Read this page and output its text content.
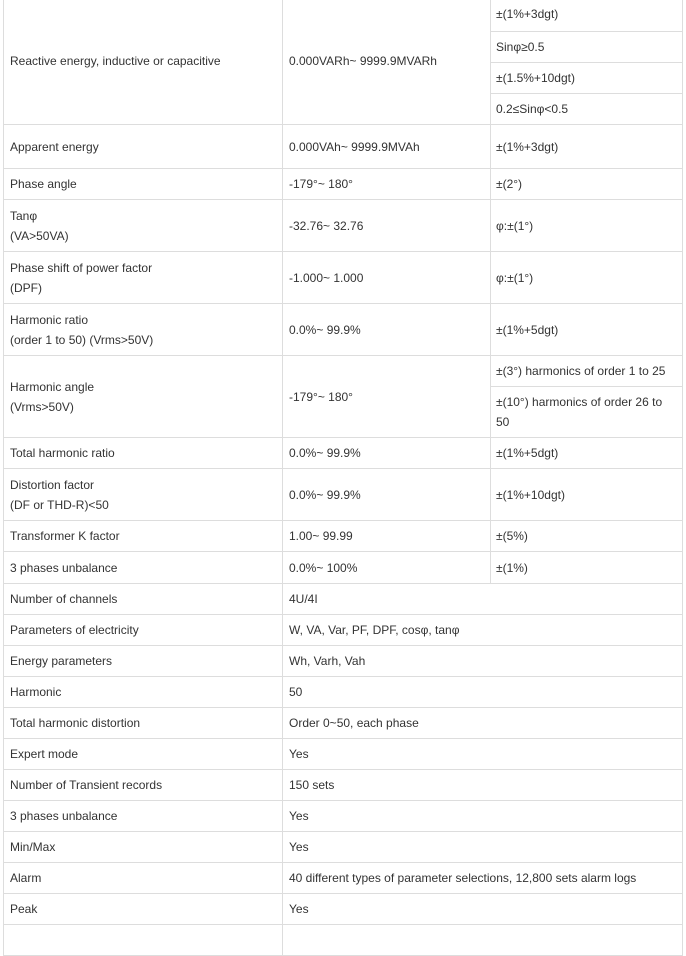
Reactive energy, inductive or capacitive	0.000VARh~ 9999.9MVARh	±(1%+3dgt)
		Sinφ≥0.5
		±(1.5%+10dgt)
		0.2≤Sinφ<0.5
Apparent energy	0.000VAh~ 9999.9MVAh	±(1%+3dgt)
Phase angle	-179°~ 180°	±(2°)

Tanφ
(VA>50VA)	-32.76~ 32.76	φ:±(1°)

Phase shift of power factor
(DPF)	-1.000~ 1.000	φ:±(1°)

Harmonic ratio
(order 1 to 50) (Vrms>50V)	0.0%~ 99.9%	±(1%+5dgt)

Harmonic angle
(Vrms>50V)	-179°~ 180°	±(3°) harmonics of order 1 to 25
		±(10°) harmonics of order 26 to 50
Total harmonic ratio	0.0%~ 99.9%	±(1%+5dgt)

Distortion factor
(DF or THD-R)<50	0.0%~ 99.9%	±(1%+10dgt)
Transformer K factor	1.00~ 99.99	±(5%)
3 phases unbalance	0.0%~ 100%	±(1%)
Number of channels	4U/4I	
Parameters of electricity	W, VA, Var, PF, DPF, cosφ, tanφ	
Energy parameters	Wh, Varh, Vah	
Harmonic	50	
Total harmonic distortion	Order 0~50, each phase	
Expert mode	Yes	
Number of Transient records	150 sets	
3 phases unbalance	Yes	
Min/Max	Yes	
Alarm	40 different types of parameter selections, 12,800 sets alarm logs	
Peak	Yes	
